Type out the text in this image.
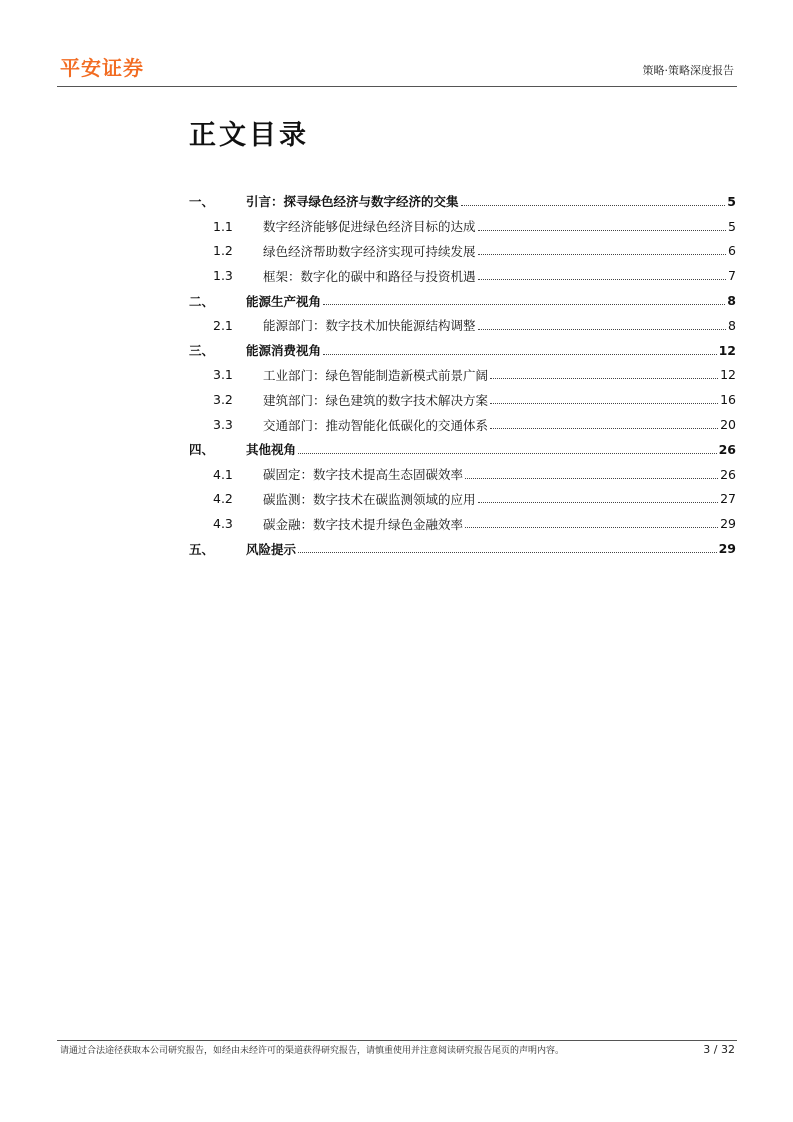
平安证券	策略·策略深度报告
正文目录
一、	引言：探寻绿色经济与数字经济的交集	5
1.1	数字经济能够促进绿色经济目标的达成	5
1.2	绿色经济帮助数字经济实现可持续发展	6
1.3	框架：数字化的碳中和路径与投资机遇	7
二、	能源生产视角	8
2.1	能源部门：数字技术加快能源结构调整	8
三、	能源消费视角	12
3.1	工业部门：绿色智能制造新模式前景广阔	12
3.2	建筑部门：绿色建筑的数字技术解决方案	16
3.3	交通部门：推动智能化低碳化的交通体系	20
四、	其他视角	26
4.1	碳固定：数字技术提高生态固碳效率	26
4.2	碳监测：数字技术在碳监测领域的应用	27
4.3	碳金融：数字技术提升绿色金融效率	29
五、	风险提示	29
请通过合法途径获取本公司研究报告，如经由未经许可的渠道获得研究报告，请慎重使用并注意阅读研究报告尾页的声明内容。	3 / 32
